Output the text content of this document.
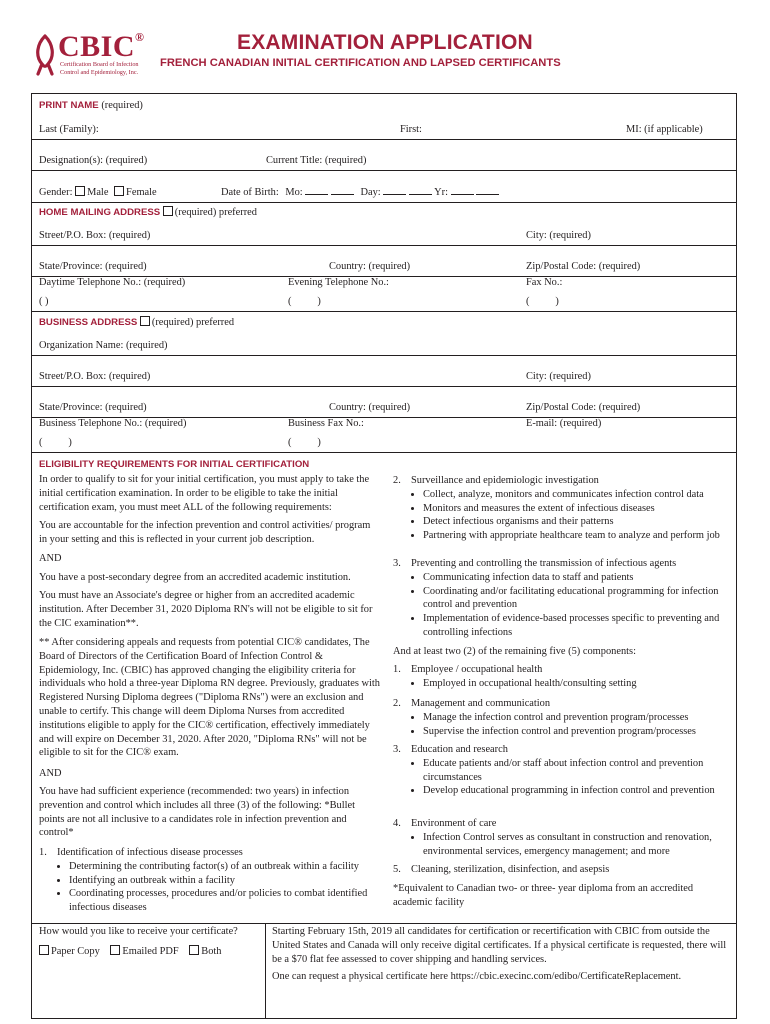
CBIC®
Certification Board of Infection
Control and Epidemiology, Inc.
EXAMINATION APPLICATION
FRENCH CANADIAN INITIAL CERTIFICATION AND LAPSED CERTIFICANTS
PRINT NAME (required)
Last (Family):	First:	MI: (if applicable)
Designation(s): (required)	Current Title: (required)
Gender: Male Female	Date of Birth: Mo:	Day:	Yr:
HOME MAILING ADDRESS (required) preferred
Street/P.O. Box: (required)	City: (required)
State/Province: (required)	Country: (required)	Zip/Postal Code: (required)
Daytime Telephone No.: (required)	Evening Telephone No.:	Fax No.:
( )	(          )	(          )
BUSINESS ADDRESS (required) preferred
Organization Name: (required)
Street/P.O. Box: (required)	City: (required)
State/Province: (required)	Country: (required)	Zip/Postal Code: (required)
Business Telephone No.: (required)	Business Fax No.:	E-mail: (required)
(          )	(          )
ELIGIBILITY REQUIREMENTS FOR INITIAL CERTIFICATION
In order to qualify to sit for your initial certification, you must apply to take the initial certification examination. In order to be eligible to take the initial certification exam, you must meet ALL of the following requirements:
You are accountable for the infection prevention and control activities/ program in your setting and this is reflected in your current job description.
AND
You have a post-secondary degree from an accredited academic institution.
You must have an Associate's degree or higher from an accredited academic institution. After December 31, 2020 Diploma RN's will not be eligible to sit for the CIC examination**.
** After considering appeals and requests from potential CIC® candidates, The Board of Directors of the Certification Board of Infection Control & Epidemiology, Inc. (CBIC) has approved changing the eligibility criteria for individuals who hold a three-year Diploma RN degree. Previously, graduates with Registered Nursing Diploma degrees ("Diploma RNs") were an exclusion and unable to certify. This change will deem Diploma Nurses from accredited institutions eligible to apply for the CIC® certification, effectively immediately and will expire on December 31, 2020. After 2020, "Diploma RNs" will not be eligible to sit for the CIC® exam.
AND
You have had sufficient experience (recommended: two years) in infection prevention and control which includes all three (3) of the following: *Bullet points are not all inclusive to a candidates role in infection prevention and control*
1. Identification of infectious disease processes
• Determining the contributing factor(s) of an outbreak within a facility
• Identifying an outbreak within a facility
• Coordinating processes, procedures and/or policies to combat identified infectious diseases
2. Surveillance and epidemiologic investigation
• Collect, analyze, monitors and communicates infection control data
• Monitors and measures the extent of infectious diseases
• Detect infectious organisms and their patterns
• Partnering with appropriate healthcare team to analyze and perform job
3. Preventing and controlling the transmission of infectious agents
• Communicating infection data to staff and patients
• Coordinating and/or facilitating educational programming for infection control and prevention
• Implementation of evidence-based processes specific to preventing and controlling infections
And at least two (2) of the remaining five (5) components:
1. Employee / occupational health
• Employed in occupational health/consulting setting
2. Management and communication
• Manage the infection control and prevention program/processes
• Supervise the infection control and prevention program/processes
3. Education and research
• Educate patients and/or staff about infection control and prevention circumstances
• Develop educational programming in infection control and prevention
4. Environment of care
• Infection Control serves as consultant in construction and renovation, environmental services, emergency management; and more
5. Cleaning, sterilization, disinfection, and asepsis
*Equivalent to Canadian two- or three- year diploma from an accredited academic facility
How would you like to receive your certificate?
Paper Copy Emailed PDF Both
Starting February 15th, 2019 all candidates for certification or recertification with CBIC from outside the United States and Canada will only receive digital certificates. If a physical certificate is requested, there will be a $70 flat fee assessed to cover shipping and handling services.
One can request a physical certificate here https://cbic.execinc.com/edibo/CertificateReplacement.
